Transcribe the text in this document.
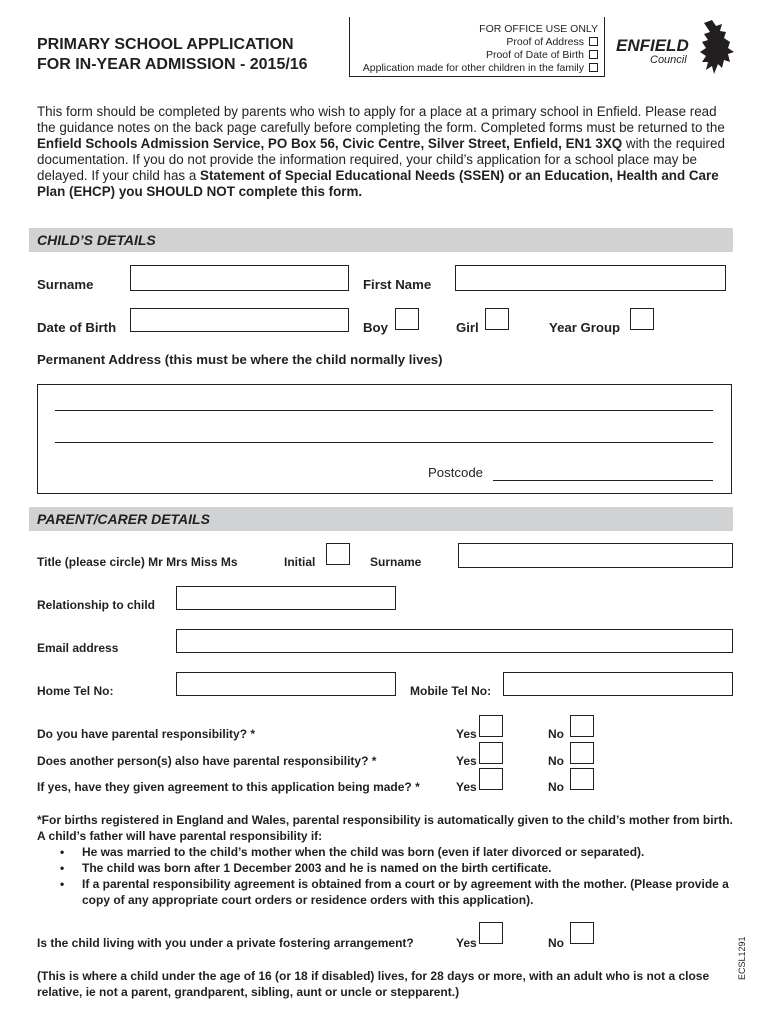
PRIMARY SCHOOL APPLICATION
FOR IN-YEAR ADMISSION - 2015/16
FOR OFFICE USE ONLY
Proof of Address
Proof of Date of Birth
Application made for other children in the family
ENFIELD
Council
This form should be completed by parents who wish to apply for a place at a primary school in Enfield. Please read the guidance notes on the back page carefully before completing the form. Completed forms must be returned to the Enfield Schools Admission Service, PO Box 56, Civic Centre, Silver Street, Enfield, EN1 3XQ with the required documentation. If you do not provide the information required, your child’s application for a school place may be delayed. If your child has a Statement of Special Educational Needs (SSEN) or an Education, Health and Care Plan (EHCP) you SHOULD NOT complete this form.
CHILD’S DETAILS
Surname	First Name
Date of Birth	Boy	Girl	Year Group
Permanent Address (this must be where the child normally lives)
Postcode
PARENT/CARER DETAILS
Title (please circle) Mr Mrs Miss Ms	Initial	Surname
Relationship to child
Email address
Home Tel No:	Mobile Tel No:
Do you have parental responsibility? *	Yes	No
Does another person(s) also have parental responsibility? *	Yes	No
If yes, have they given agreement to this application being made? *	Yes	No
*For births registered in England and Wales, parental responsibility is automatically given to the child’s mother from birth. A child’s father will have parental responsibility if:
• He was married to the child’s mother when the child was born (even if later divorced or separated).
• The child was born after 1 December 2003 and he is named on the birth certificate.
• If a parental responsibility agreement is obtained from a court or by agreement with the mother. (Please provide a copy of any appropriate court orders or residence orders with this application).
Is the child living with you under a private fostering arrangement?	Yes	No
(This is where a child under the age of 16 (or 18 if disabled) lives, for 28 days or more, with an adult who is not a close relative, ie not a parent, grandparent, sibling, aunt or uncle or stepparent.)
ECSL1291
